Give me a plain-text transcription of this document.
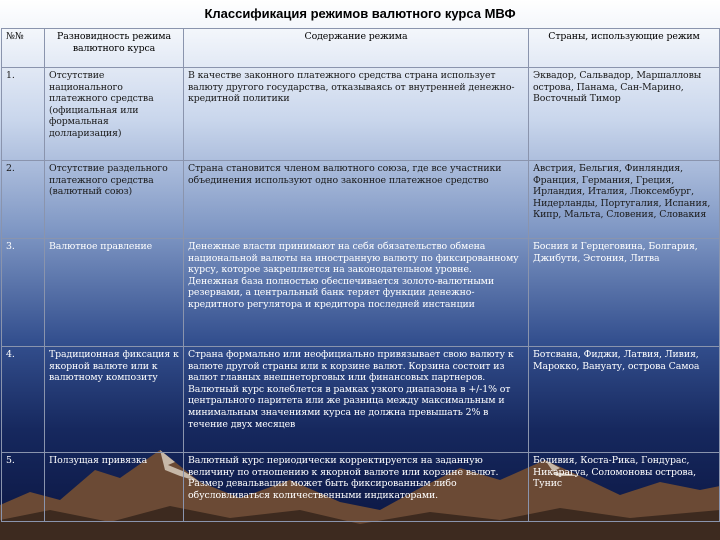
Классификация режимов валютного курса МВФ
№№	Разновидность режима валютного курса	Содержание режима	Страны, использующие режим
1.	Отсутствие национального платежного средства (официальная или формальная долларизация)	В качестве законного платежного средства страна использует валюту другого государства, отказываясь от внутренней денежно-кредитной политики	Эквадор, Сальвадор, Маршалловы острова, Панама, Сан-Марино, Восточный Тимор
2.	Отсутствие раздельного платежного средства (валютный союз)	Страна становится членом валютного союза, где все участники объединения используют одно законное платежное средство	Австрия, Бельгия, Финляндия, Франция, Германия, Греция, Ирландия, Италия, Люксембург, Нидерланды, Португалия, Испания, Кипр, Мальта, Словения, Словакия
3.	Валютное правление	Денежные власти принимают на себя обязательство обмена национальной валюты на иностранную валюту по фиксированному курсу, которое закрепляется на законодательном уровне. Денежная база полностью обеспечивается золото-валютными резервами, а центральный банк теряет функции денежно-кредитного регулятора и кредитора последней инстанции	Босния и Герцеговина, Болгария, Джибути, Эстония, Литва
4.	Традиционная фиксация к якорной валюте или к валютному композиту	Страна формально или неофициально привязывает свою валюту к валюте другой страны или к корзине валют. Корзина состоит из валют главных внешнеторговых или финансовых партнеров. Валютный курс колеблется в рамках узкого диапазона в +/-1% от центрального паритета или же разница между максимальным и минимальным значениями курса не должна превышать 2% в течение двух месяцев	Ботсвана, Фиджи, Латвия, Ливия, Марокко, Вануату, острова Самоа
5.	Ползущая привязка	Валютный курс периодически корректируется на заданную величину по отношению к якорной валюте или корзине валют. Размер девальвации может быть фиксированным либо обусловливаться количественными индикаторами.	Боливия, Коста-Рика, Гондурас, Никарагуа, Соломоновы острова, Тунис
